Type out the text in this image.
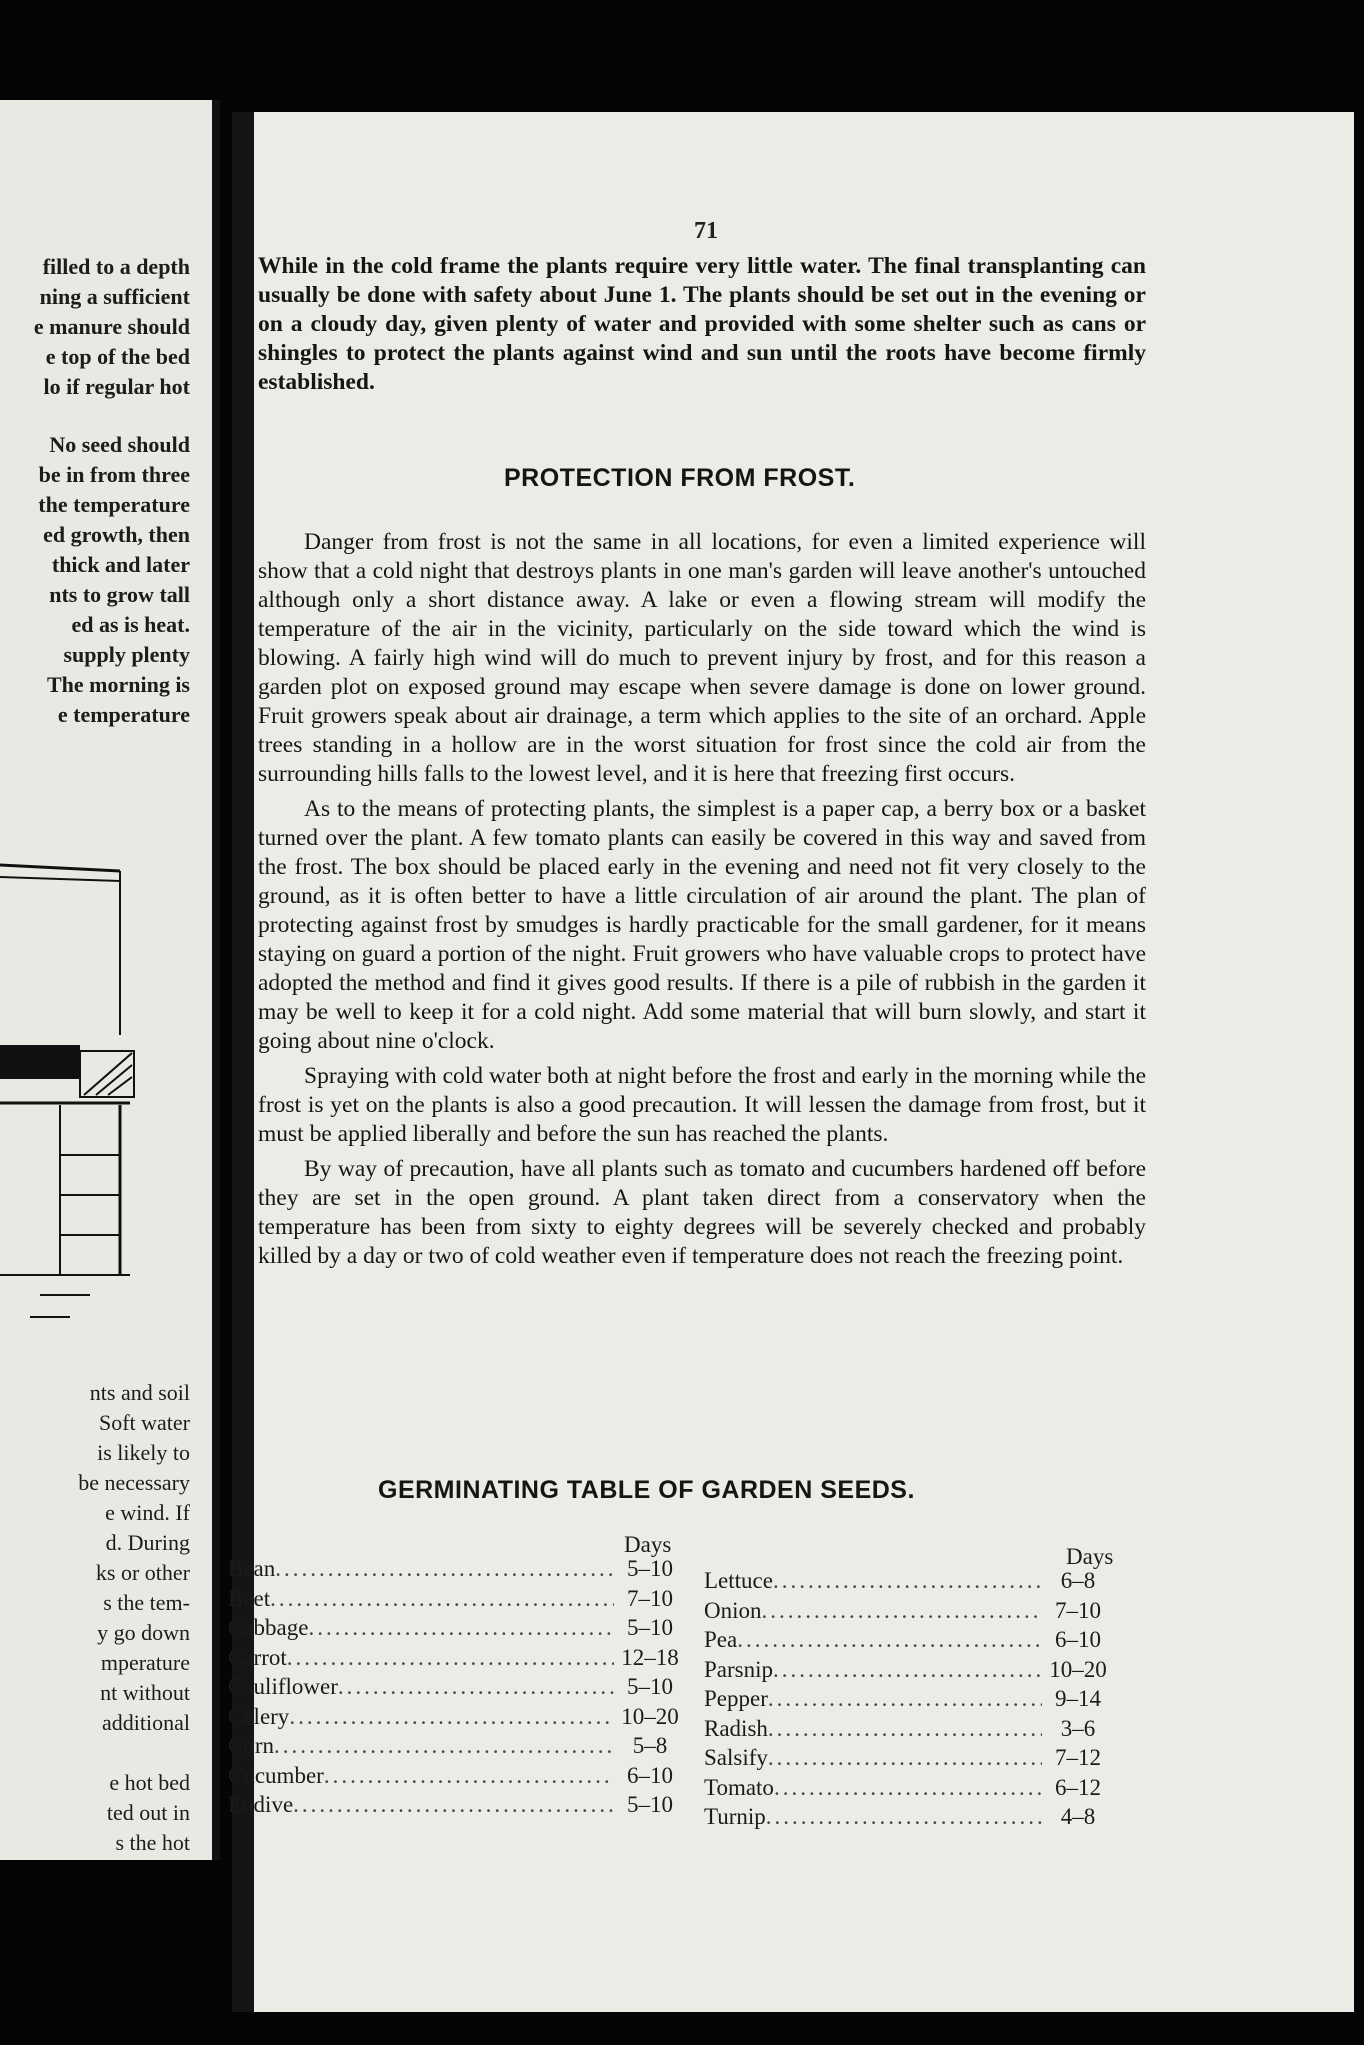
filled to a depth
ning a sufficient
e manure should
e top of the bed
lo if regular hot
No seed should
be in from three
the temperature
ed growth, then
thick and later
nts to grow tall
ed as is heat.
supply plenty
The morning is
e temperature
nts and soil
Soft water
is likely to
be necessary
e wind. If
d. During
ks or other
s the tem-
y go down
mperature
nt without
additional
e hot bed
ted out in
s the hot
71

While in the cold frame the plants require very little water. The final transplanting can usually be done with safety about June 1. The plants should be set out in the evening or on a cloudy day, given plenty of water and provided with some shelter such as cans or shingles to protect the plants against wind and sun until the roots have become firmly established.

PROTECTION FROM FROST.

Danger from frost is not the same in all locations, for even a limited experience will show that a cold night that destroys plants in one man's garden will leave another's untouched although only a short distance away. A lake or even a flowing stream will modify the temperature of the air in the vicinity, particularly on the side toward which the wind is blowing. A fairly high wind will do much to prevent injury by frost, and for this reason a garden plot on exposed ground may escape when severe damage is done on lower ground. Fruit growers speak about air drainage, a term which applies to the site of an orchard. Apple trees standing in a hollow are in the worst situation for frost since the cold air from the surrounding hills falls to the lowest level, and it is here that freezing first occurs.

As to the means of protecting plants, the simplest is a paper cap, a berry box or a basket turned over the plant. A few tomato plants can easily be covered in this way and saved from the frost. The box should be placed early in the evening and need not fit very closely to the ground, as it is often better to have a little circulation of air around the plant. The plan of protecting against frost by smudges is hardly practicable for the small gardener, for it means staying on guard a portion of the night. Fruit growers who have valuable crops to protect have adopted the method and find it gives good results. If there is a pile of rubbish in the garden it may be well to keep it for a cold night. Add some material that will burn slowly, and start it going about nine o'clock.

Spraying with cold water both at night before the frost and early in the morning while the frost is yet on the plants is also a good precaution. It will lessen the damage from frost, but it must be applied liberally and before the sun has reached the plants.

By way of precaution, have all plants such as tomato and cucumbers hardened off before they are set in the open ground. A plant taken direct from a conservatory when the temperature has been from sixty to eighty degrees will be severely checked and probably killed by a day or two of cold weather even if temperature does not reach the freezing point.

GERMINATING TABLE OF GARDEN SEEDS.
Days	Days
Bean .....	5–10
Beet .....	7–10
Cabbage .....	5–10
Carrot .....	12–18
Cauliflower .....	5–10
Celery .....	10–20
Corn .....	5–8
Cucumber .....	6–10
Endive .....	5–10
Lettuce .....	6–8
Onion .....	7–10
Pea .....	6–10
Parsnip .....	10–20
Pepper .....	9–14
Radish .....	3–6
Salsify .....	7–12
Tomato .....	6–12
Turnip .....	4–8
